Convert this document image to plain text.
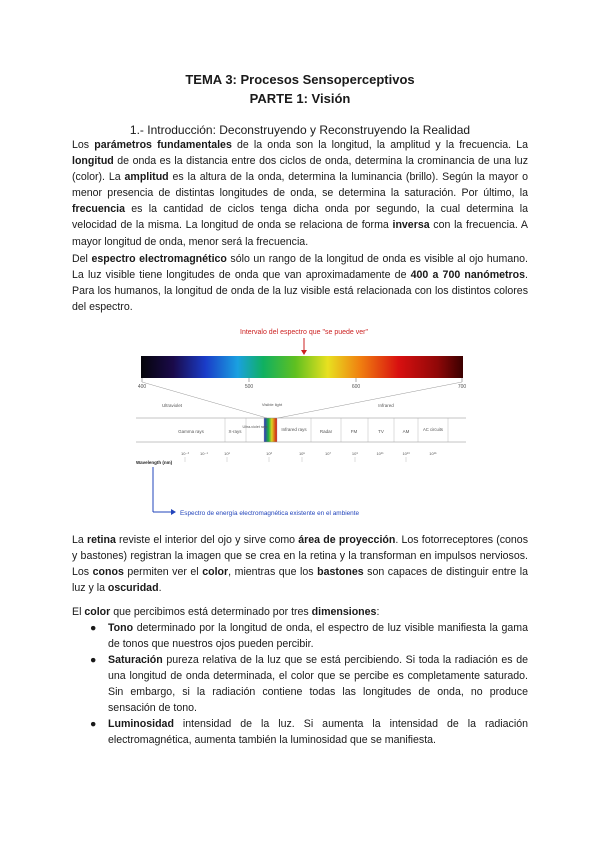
TEMA 3: Procesos Sensoperceptivos
PARTE 1: Visión
1.- Introducción: Deconstruyendo y Reconstruyendo la Realidad

Los parámetros fundamentales de la onda son la longitud, la amplitud y la frecuencia. La longitud de onda es la distancia entre dos ciclos de onda, determina la crominancia de una luz (color). La amplitud es la altura de la onda, determina la luminancia (brillo). Según la mayor o menor presencia de distintas longitudes de onda, se determina la saturación. Por último, la frecuencia es la cantidad de ciclos tenga dicha onda por segundo, la cual determina la velocidad de la misma. La longitud de onda se relaciona de forma inversa con la frecuencia. A mayor longitud de onda, menor será la frecuencia.

Del espectro electromagnético sólo un rango de la longitud de onda es visible al ojo humano. La luz visible tiene longitudes de onda que van aproximadamente de 400 a 700 nanómetros. Para los humanos, la longitud de onda de la luz visible está relacionada con los distintos colores del espectro.

Intervalo del espectro que "se puede ver"
400	500	600	700
Ultraviolet	Visible light	Infrared
Gamma rays	X-rays
Ultra-violet rays	Infrared rays	Radar	FM	TV	AM	AC circuits
10⁻³	10⁻¹	10¹	10³	10⁵	10⁷	10⁹	10¹¹	10¹³	10¹⁵
Wavelength (nm)
Espectro de energía electromagnética existente en el ambiente

La retina reviste el interior del ojo y sirve como área de proyección. Los fotorreceptores (conos y bastones) registran la imagen que se crea en la retina y la transforman en impulsos nerviosos. Los conos permiten ver el color, mientras que los bastones son capaces de distinguir entre la luz y la oscuridad.

El color que percibimos está determinado por tres dimensiones:

● Tono determinado por la longitud de onda, el espectro de luz visible manifiesta la gama de tonos que nuestros ojos pueden percibir.
● Saturación pureza relativa de la luz que se está percibiendo. Si toda la radiación es de una longitud de onda determinada, el color que se percibe es completamente saturado. Sin embargo, si la radiación contiene todas las longitudes de onda, no produce sensación de tono.
● Luminosidad intensidad de la luz. Si aumenta la intensidad de la radiación electromagnética, aumenta también la luminosidad que se manifiesta.
